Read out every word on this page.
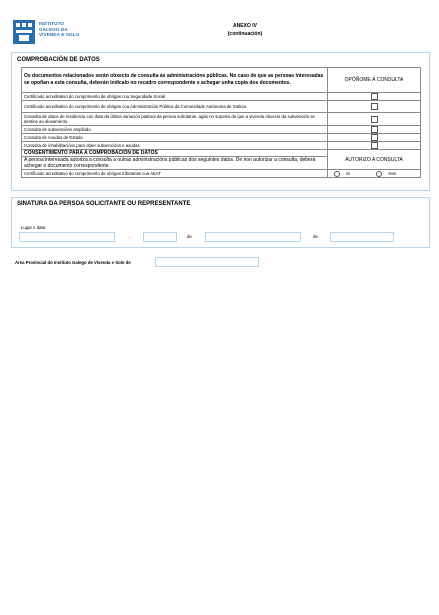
INSTITUTO
GALEGO DA
VIVENDA E SOLO
ANEXO IV
(continuación)
COMPROBACIÓN DE DATOS
Os documentos relacionados serán obxecto de consulta ás administracións públicas. No caso de que as persoas interesadas se opoñan a esta consulta, deberán indicalo no recadro correspondente e achegar unha copia dos documentos.	OPÓÑOME Á CONSULTA
Certificado acreditativo do cumprimento de obrigas coa Seguridade Social	
Certificado acreditativo do cumprimento de obrigas coa Administración Pública da Comunidade Autónoma de Galicia	
Consulta de datos de residencia con data da última variación padroal da persoa solicitante, agás no suposto de que a vivenda obxecto da subvención se destine ao aloxamento.	
Consulta de subvencións ampliado	
Consulta de Axudas de Estado	
Consulta de inhabilitacións para obter subvencións e axudas	
CONSENTIMENTO PARA A COMPROBACIÓN DE DATOS	AUTORIZO A CONSULTA
A persoa interesada autoriza a consulta a outras administracións públicas dos seguintes datos. De non autorizar a consulta, deberá achegar o documento correspondente.	
Certificado acreditativo do cumprimento de obrigas tributarias coa AEAT	Sí Non
SINATURA DA PERSOA SOLICITANTE OU REPRESENTANTE
Lugar e data
,	de	de
Área Provincial do Instituto Galego de Vivenda e Solo de
